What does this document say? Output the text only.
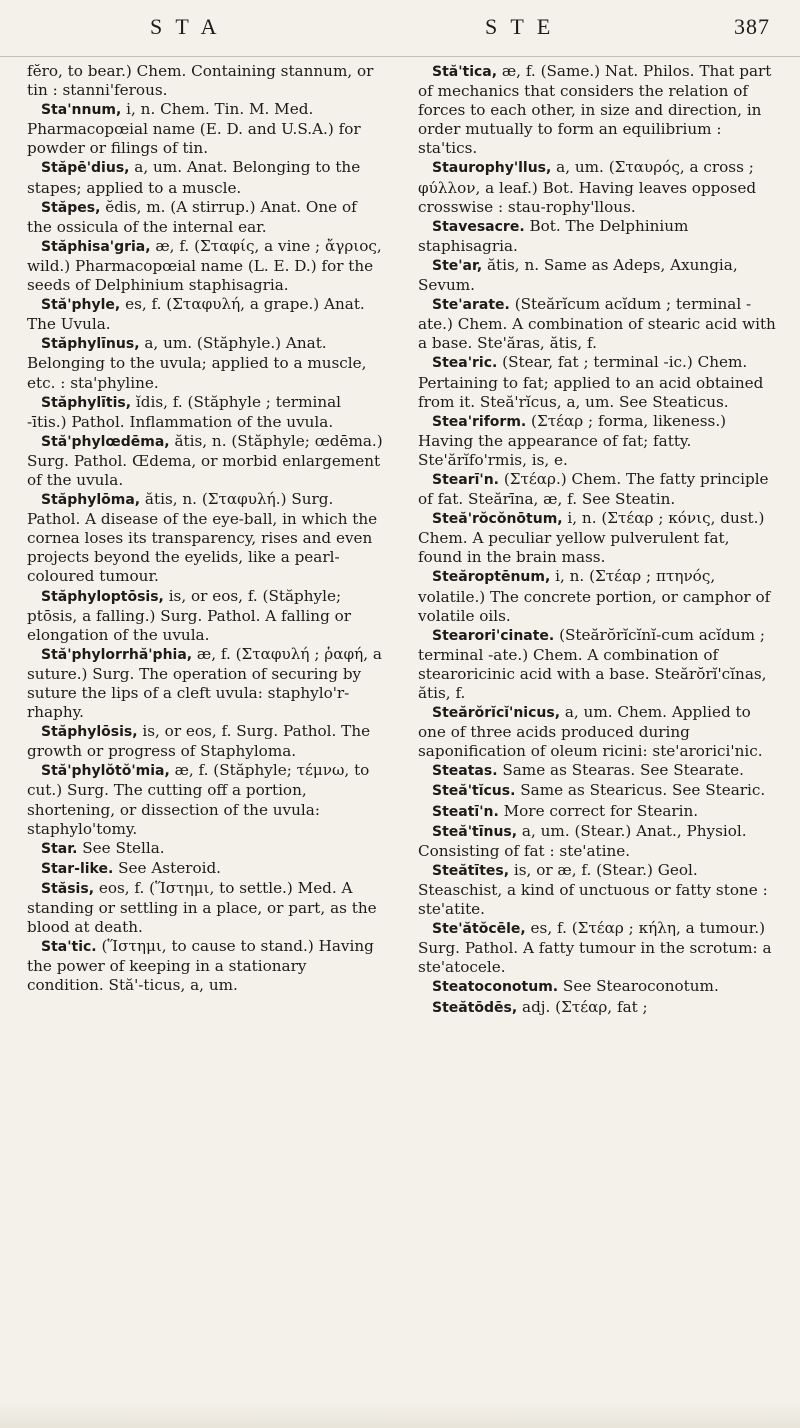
S T A	S T E	387

fĕro, to bear.) Chem. Containing stannum, or tin : stanni'ferous.

Sta'nnum, i, n. Chem. Tin. M. Med. Pharmacopœial name (E. D. and U.S.A.) for powder or filings of tin.

Stăpē'dius, a, um. Anat. Belonging to the stapes; applied to a muscle.

Stăpes, ĕdis, m. (A stirrup.) Anat. One of the ossicula of the internal ear.

Stăphisa'gria, æ, f. (Σταφίς, a vine ; ἄγριος, wild.) Pharmacopœial name (L. E. D.) for the seeds of Delphinium staphisagria.

Stă'phyle, es, f. (Σταφυλή, a grape.) Anat. The Uvula.

Stăphylīnus, a, um. (Stăphyle.) Anat. Belonging to the uvula; applied to a muscle, etc. : sta'phyline.

Stăphylītis, ĭdis, f. (Stăphyle ; terminal -ītis.) Pathol. Inflammation of the uvula.

Stă'phylœdēma, ătis, n. (Stăphyle; œdēma.) Surg. Pathol. Œdema, or morbid enlargement of the uvula.

Stăphylōma, ătis, n. (Σταφυλή.) Surg. Pathol. A disease of the eye-ball, in which the cornea loses its transparency, rises and even projects beyond the eyelids, like a pearl-coloured tumour.

Stăphyloptōsis, is, or eos, f. (Stăphyle; ptōsis, a falling.) Surg. Pathol. A falling or elongation of the uvula.

Stă'phylorrhă'phia, æ, f. (Σταφυλή ; ῥαφή, a suture.) Surg. The operation of securing by suture the lips of a cleft uvula: staphylo'r-rhaphy.

Stăphylōsis, is, or eos, f. Surg. Pathol. The growth or progress of Staphyloma.

Stă'phylŏtŏ'mia, æ, f. (Stăphyle; τέμνω, to cut.) Surg. The cutting off a portion, shortening, or dissection of the uvula: staphylo'tomy.

Star. See Stella.

Star-like. See Asteroid.

Stăsis, eos, f. (Ἵστημι, to settle.) Med. A standing or settling in a place, or part, as the blood at death.

Sta'tic. (Ἵστημι, to cause to stand.) Having the power of keeping in a stationary condition. Stă'-ticus, a, um.

Stă'tica, æ, f. (Same.) Nat. Philos. That part of mechanics that considers the relation of forces to each other, in size and direction, in order mutually to form an equilibrium : sta'tics.

Staurophy'llus, a, um. (Σταυρός, a cross ; φύλλον, a leaf.) Bot. Having leaves opposed crosswise : stau-rophy'llous.

Stavesacre. Bot. The Delphinium staphisagria.

Ste'ar, ătis, n. Same as Adeps, Axungia, Sevum.

Ste'arate. (Steărĭcum acĭdum ; terminal -ate.) Chem. A combination of stearic acid with a base. Ste'ăras, ătis, f.

Stea'ric. (Stear, fat ; terminal -ic.) Chem. Pertaining to fat; applied to an acid obtained from it. Steă'rĭcus, a, um. See Steaticus.

Stea'riform. (Στέαρ ; forma, likeness.) Having the appearance of fat; fatty. Ste'ărĭfo'rmis, is, e.

Stearī'n. (Στέαρ.) Chem. The fatty principle of fat. Steărīna, æ, f. See Steatin.

Steă'rŏcŏnōtum, i, n. (Στέαρ ; κόνις, dust.) Chem. A peculiar yellow pulverulent fat, found in the brain mass.

Steăroptēnum, i, n. (Στέαρ ; πτηνός, volatile.) The concrete portion, or camphor of volatile oils.

Stearori'cinate. (Steărŏrĭcĭnĭ-cum acĭdum ; terminal -ate.) Chem. A combination of stearoricinic acid with a base. Steărŏrĭ'cĭnas, ătis, f.

Steărŏrĭcĭ'nicus, a, um. Chem. Applied to one of three acids produced during saponification of oleum ricini: ste'arorici'nic.

Steatas. Same as Stearas. See Stearate.

Steă'tĭcus. Same as Stearicus. See Stearic.

Steatī'n. More correct for Stearin.

Steă'tīnus, a, um. (Stear.) Anat., Physiol. Consisting of fat : ste'atine.

Steătītes, is, or æ, f. (Stear.) Geol. Steaschist, a kind of unctuous or fatty stone : ste'atite.

Ste'ătŏcēle, es, f. (Στέαρ ; κήλη, a tumour.) Surg. Pathol. A fatty tumour in the scrotum: a ste'atocele.

Steatoconotum. See Stearoconotum.

Steătōdēs, adj. (Στέαρ, fat ;
